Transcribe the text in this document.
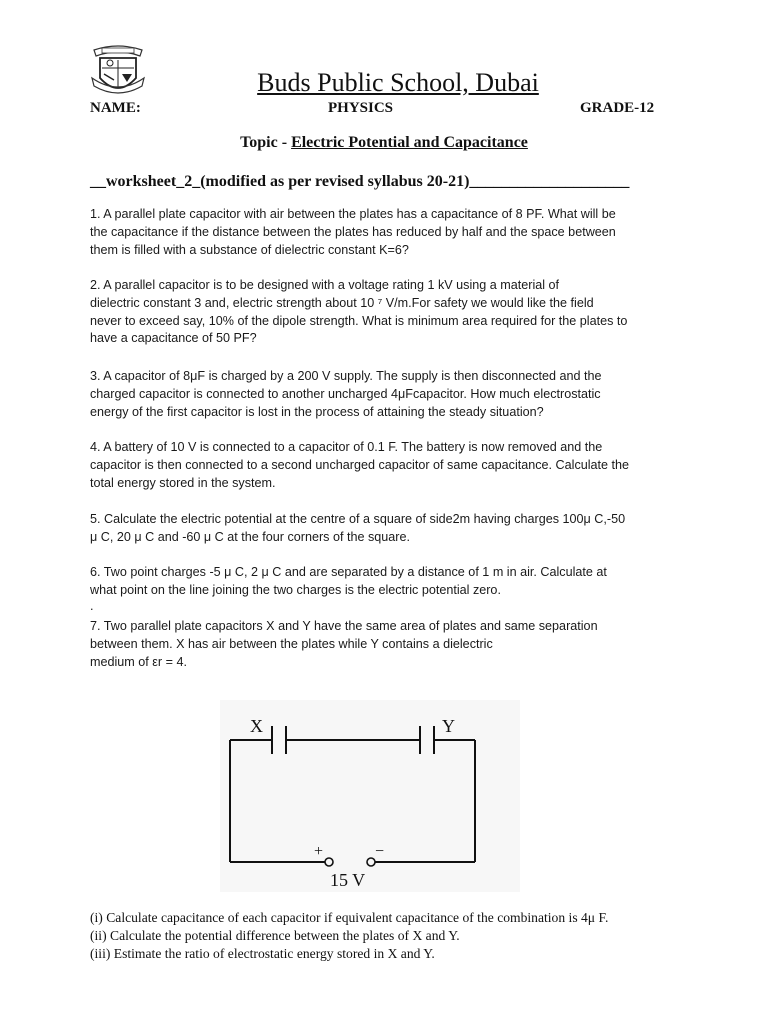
Buds Public School, Dubai
NAME:	PHYSICS	GRADE-12
Topic - Electric Potential and Capacitance
__worksheet_2_(modified as per revised syllabus 20-21)____________________
1. A parallel plate capacitor with air between the plates has a capacitance of 8 PF. What will be
the capacitance if the distance between the plates has reduced by half and the space between
them is filled with a substance of dielectric constant K=6?
2. A parallel capacitor is to be designed with a voltage rating 1 kV using a material of
dielectric constant 3 and, electric strength about 10 ⁷ V/m.For safety we would like the field
never to exceed say, 10% of the dipole strength. What is minimum area required for the plates to
have a capacitance of 50 PF?
3. A capacitor of 8μF is charged by a 200 V supply. The supply is then disconnected and the
charged capacitor is connected to another uncharged 4μFcapacitor. How much electrostatic
energy of the first capacitor is lost in the process of attaining the steady situation?
4. A battery of 10 V is connected to a capacitor of 0.1 F. The battery is now removed and the
capacitor is then connected to a second uncharged capacitor of same capacitance. Calculate the
total energy stored in the system.
5. Calculate the electric potential at the centre of a square of side2m having charges 100μ C,-50
μ C, 20 μ C and -60 μ C at the four corners of the square.
6. Two point charges -5 μ C, 2 μ C and are separated by a distance of 1 m in air. Calculate at
what point on the line joining the two charges is the electric potential zero.
.
7. Two parallel plate capacitors X and Y have the same area of plates and same separation
between them. X has air between the plates while Y contains a dielectric
medium of εr = 4.
X	Y
+	−
15 V
(i) Calculate capacitance of each capacitor if equivalent capacitance of the combination is 4μ F.
(ii) Calculate the potential difference between the plates of X and Y.
(iii) Estimate the ratio of electrostatic energy stored in X and Y.
